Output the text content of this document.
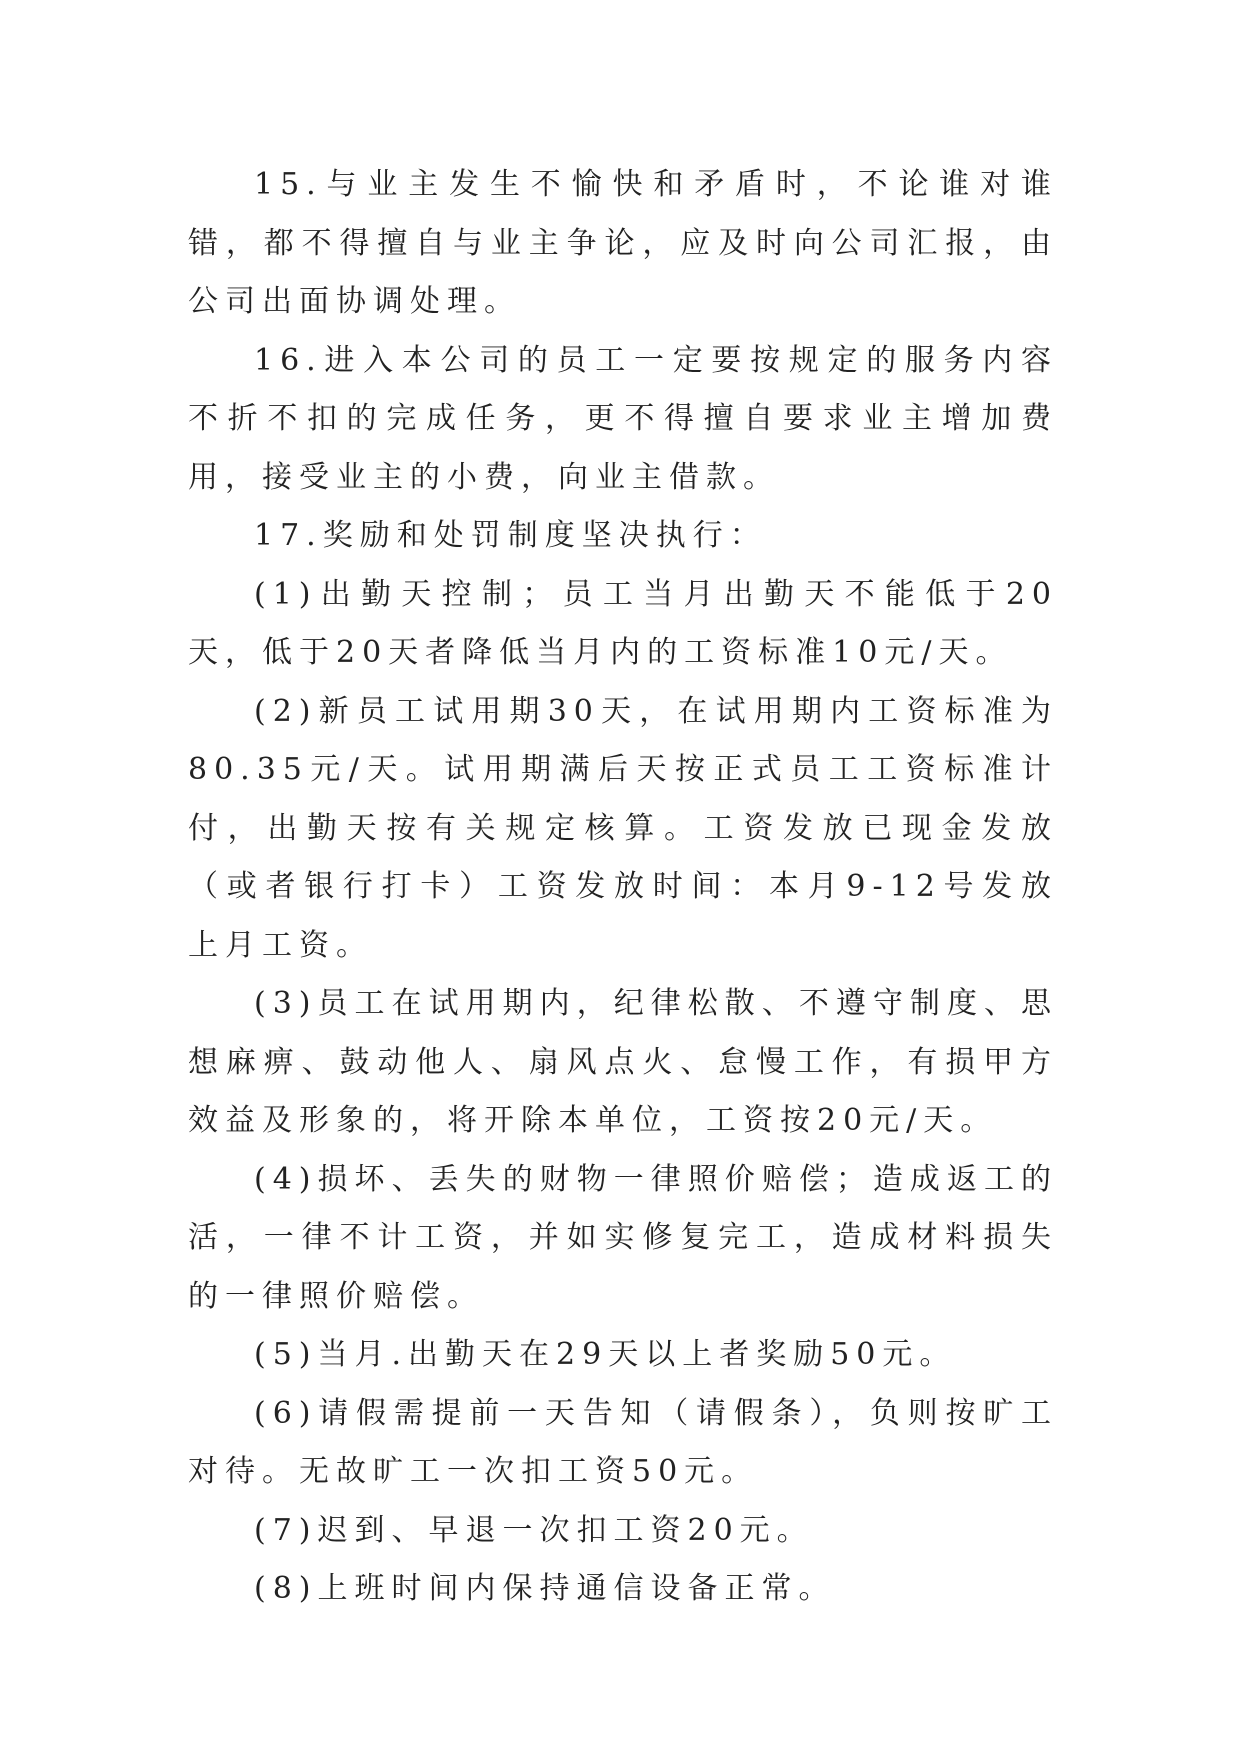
15.与业主发生不愉快和矛盾时，不论谁对谁错，都不得擅自与业主争论，应及时向公司汇报，由公司出面协调处理。

16.进入本公司的员工一定要按规定的服务内容不折不扣的完成任务，更不得擅自要求业主增加费用，接受业主的小费，向业主借款。

17.奖励和处罚制度坚决执行：

(1)出勤天控制；员工当月出勤天不能低于20天，低于20天者降低当月内的工资标准10元/天。

(2)新员工试用期30天，在试用期内工资标准为80.35元/天。试用期满后天按正式员工工资标准计付，出勤天按有关规定核算。工资发放已现金发放（或者银行打卡）工资发放时间：本月9-12号发放上月工资。

(3)员工在试用期内，纪律松散、不遵守制度、思想麻痹、鼓动他人、扇风点火、怠慢工作，有损甲方效益及形象的，将开除本单位，工资按20元/天。

(4)损坏、丢失的财物一律照价赔偿；造成返工的活，一律不计工资，并如实修复完工，造成材料损失的一律照价赔偿。

(5)当月.出勤天在29天以上者奖励50元。

(6)请假需提前一天告知（请假条），负则按旷工对待。无故旷工一次扣工资50元。

(7)迟到、早退一次扣工资20元。

(8)上班时间内保持通信设备正常。
